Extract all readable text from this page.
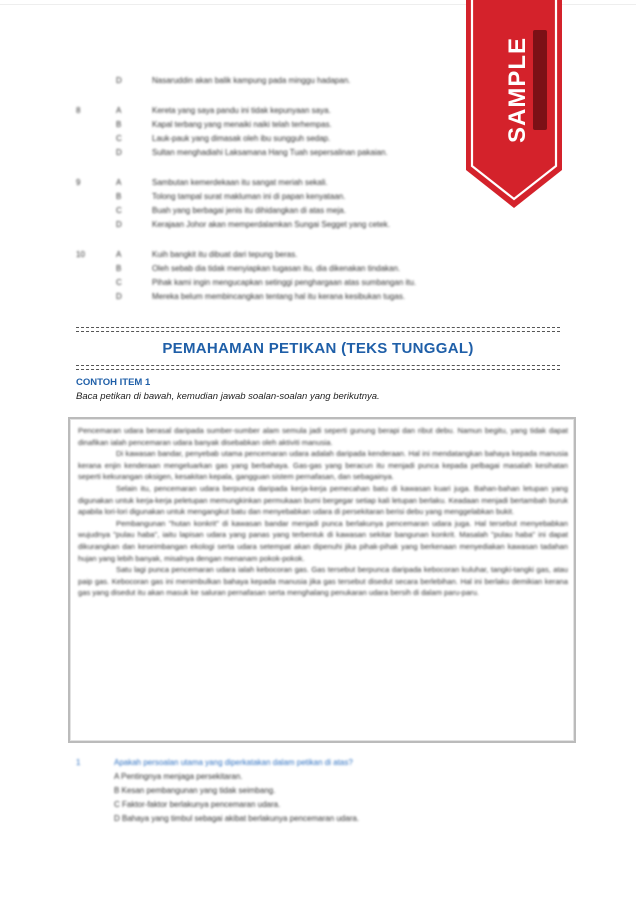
D	Nasaruddin akan balik kampung pada minggu hadapan.
8	A	Kereta yang saya pandu ini tidak kepunyaan saya.
B	Kapal terbang yang menaiki naiki telah terhempas.
C	Lauk-pauk yang dimasak oleh ibu sungguh sedap.
D	Sultan menghadiahi Laksamana Hang Tuah sepersalinan pakaian.
9	A	Sambutan kemerdekaan itu sangat meriah sekali.
B	Tolong tampal surat makluman ini di papan kenyataan.
C	Buah yang berbagai jenis itu dihidangkan di atas meja.
D	Kerajaan Johor akan memperdalamkan Sungai Segget yang cetek.
10	A	Kuih bangkit itu dibuat dari tepung beras.
B	Oleh sebab dia tidak menyiapkan tugasan itu, dia dikenakan tindakan.
C	Pihak kami ingin mengucapkan setinggi penghargaan atas sumbangan itu.
D	Mereka belum membincangkan tentang hal itu kerana kesibukan tugas.
PEMAHAMAN PETIKAN (TEKS TUNGGAL)
CONTOH ITEM 1
Baca petikan di bawah, kemudian jawab soalan-soalan yang berikutnya.

Pencemaran udara berasal daripada sumber-sumber alam semula jadi seperti gunung berapi dan ribut debu. Namun begitu, yang tidak dapat dinafikan ialah pencemaran udara banyak disebabkan oleh aktiviti manusia.

Di kawasan bandar, penyebab utama pencemaran udara adalah daripada kenderaan. Hal ini mendatangkan bahaya kepada manusia kerana enjin kenderaan mengeluarkan gas yang berbahaya. Gas-gas yang beracun itu menjadi punca kepada pelbagai masalah kesihatan seperti kekurangan oksigen, kesakitan kepala, gangguan sistem pernafasan, dan sebagainya.

Selain itu, pencemaran udara berpunca daripada kerja-kerja pemecahan batu di kawasan kuari juga. Bahan-bahan letupan yang digunakan untuk kerja-kerja peletupan memungkinkan permukaan bumi bergegar setiap kali letupan berlaku. Keadaan menjadi bertambah buruk apabila lori-lori digunakan untuk mengangkut batu dan menyebabkan udara di persekitaran berisi debu yang menggelabkan bukit.

Pembangunan "hutan konkrit" di kawasan bandar menjadi punca berlakunya pencemaran udara juga. Hal tersebut menyebabkan wujudnya "pulau haba", iaitu lapisan udara yang panas yang terbentuk di kawasan sekitar bangunan konkrit. Masalah "pulau haba" ini dapat dikurangkan dan keseimbangan ekologi serta udara setempat akan dipenuhi jika pihak-pihak yang berkenaan menyediakan kawasan tadahan hujan yang lebih banyak, misalnya dengan menanam pokok-pokok.

Satu lagi punca pencemaran udara ialah kebocoran gas. Gas tersebut berpunca daripada kebocoran kuluhar, tangki-tangki gas, atau paip gas. Kebocoran gas ini menimbulkan bahaya kepada manusia jika gas tersebut disedut secara berlebihan. Hal ini berlaku demikian kerana gas yang disedut itu akan masuk ke saluran pernafasan serta menghalang penukaran udara bersih di dalam paru-paru.

1	Apakah persoalan utama yang diperkatakan dalam petikan di atas?
A Pentingnya menjaga persekitaran.
B Kesan pembangunan yang tidak seimbang.
C Faktor-faktor berlakunya pencemaran udara.
D Bahaya yang timbul sebagai akibat berlakunya pencemaran udara.
SAMPLE
